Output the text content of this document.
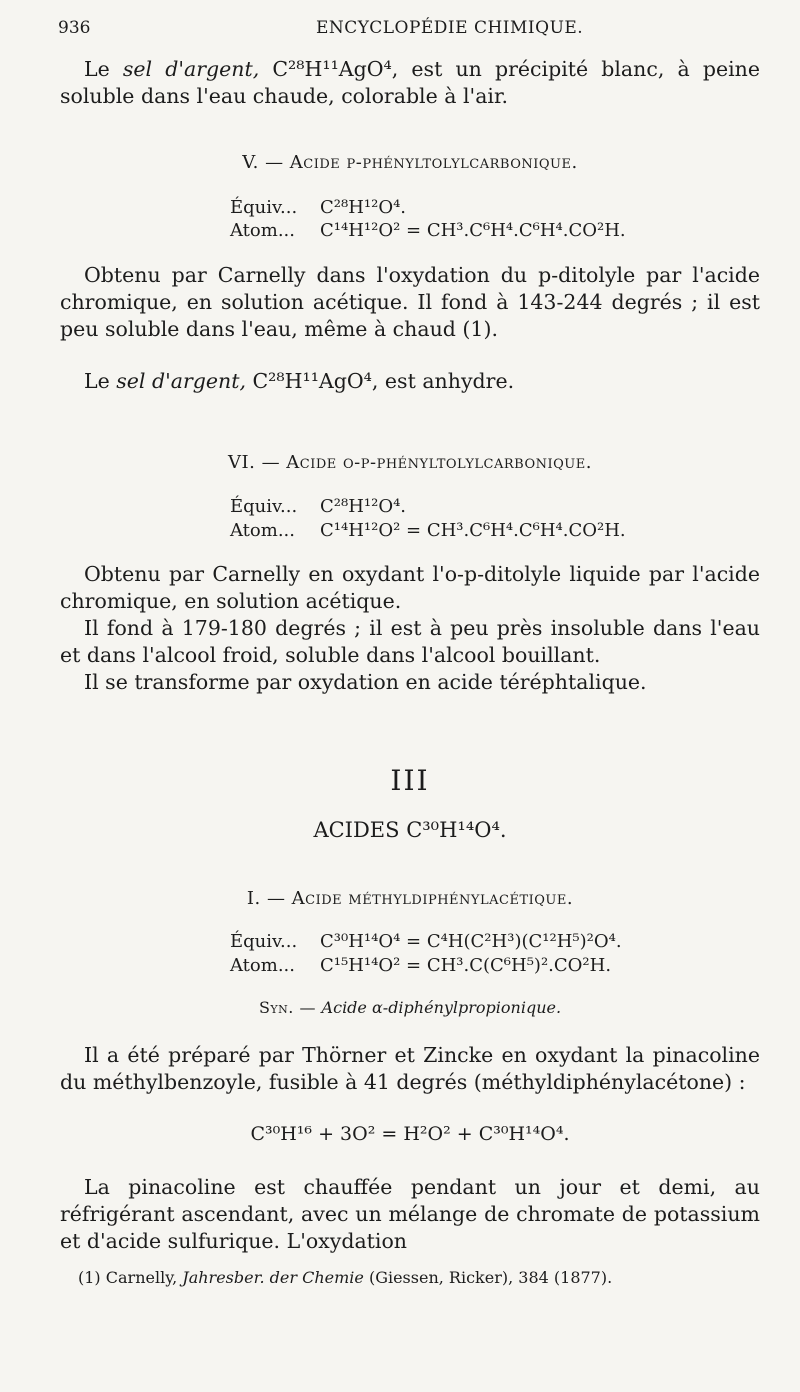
936	ENCYCLOPÉDIE CHIMIQUE.
Le sel d'argent, C²⁸H¹¹AgO⁴, est un précipité blanc, à peine soluble dans l'eau chaude, colorable à l'air.
V. — Acide p-phényltolylcarbonique.
Équiv... C²⁸H¹²O⁴.
Atom... C¹⁴H¹²O² = CH³.C⁶H⁴.C⁶H⁴.CO²H.
Obtenu par Carnelly dans l'oxydation du p-ditolyle par l'acide chromique, en solution acétique. Il fond à 143-244 degrés ; il est peu soluble dans l'eau, même à chaud (1).
Le sel d'argent, C²⁸H¹¹AgO⁴, est anhydre.
VI. — Acide o-p-phényltolylcarbonique.
Équiv... C²⁸H¹²O⁴.
Atom... C¹⁴H¹²O² = CH³.C⁶H⁴.C⁶H⁴.CO²H.
Obtenu par Carnelly en oxydant l'o-p-ditolyle liquide par l'acide chromique, en solution acétique.
Il fond à 179-180 degrés ; il est à peu près insoluble dans l'eau et dans l'alcool froid, soluble dans l'alcool bouillant.
Il se transforme par oxydation en acide téréphtalique.
III
ACIDES C³⁰H¹⁴O⁴.
I. — Acide méthyldiphénylacétique.
Équiv... C³⁰H¹⁴O⁴ = C⁴H(C²H³)(C¹²H⁵)²O⁴.
Atom... C¹⁵H¹⁴O² = CH³.C(C⁶H⁵)².CO²H.
Syn. — Acide α-diphénylpropionique.
Il a été préparé par Thörner et Zincke en oxydant la pinacoline du méthylbenzoyle, fusible à 41 degrés (méthyldiphénylacétone) :
C³⁰H¹⁶ + 3O² = H²O² + C³⁰H¹⁴O⁴.
La pinacoline est chauffée pendant un jour et demi, au réfrigérant ascendant, avec un mélange de chromate de potassium et d'acide sulfurique. L'oxydation
(1) Carnelly, Jahresber. der Chemie (Giessen, Ricker), 384 (1877).
